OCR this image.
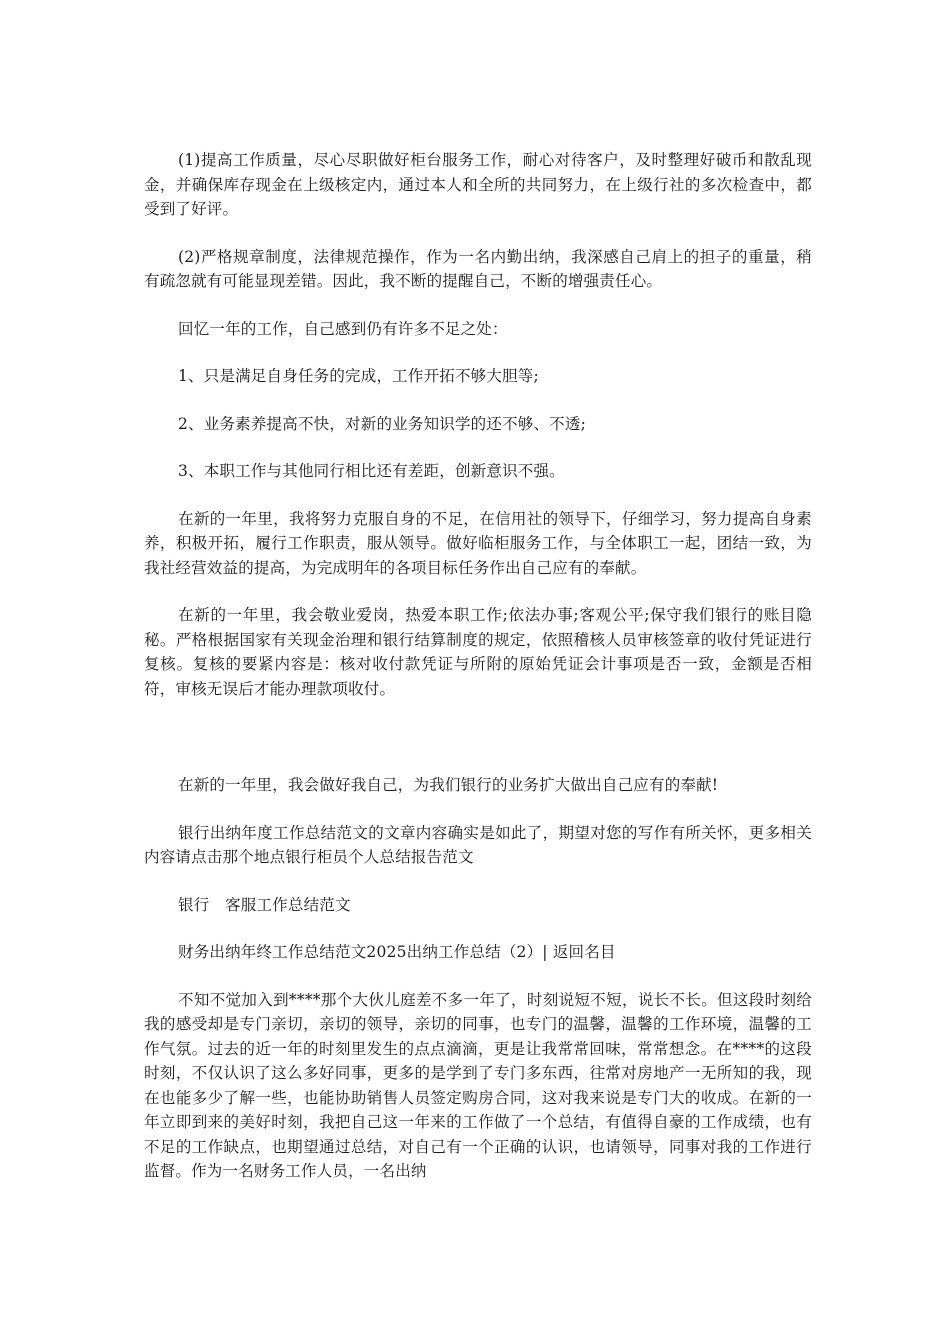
(1)提高工作质量，尽心尽职做好柜台服务工作，耐心对待客户，及时整理好破币和散乱现金，并确保库存现金在上级核定内，通过本人和全所的共同努力，在上级行社的多次检查中，都受到了好评。

(2)严格规章制度，法律规范操作，作为一名内勤出纳，我深感自己肩上的担子的重量，稍有疏忽就有可能显现差错。因此，我不断的提醒自己，不断的增强责任心。

回忆一年的工作，自己感到仍有许多不足之处：

1、只是满足自身任务的完成，工作开拓不够大胆等;

2、业务素养提高不快，对新的业务知识学的还不够、不透;

3、本职工作与其他同行相比还有差距，创新意识不强。

在新的一年里，我将努力克服自身的不足，在信用社的领导下，仔细学习，努力提高自身素养，积极开拓，履行工作职责，服从领导。做好临柜服务工作，与全体职工一起，团结一致，为我社经营效益的提高，为完成明年的各项目标任务作出自己应有的奉献。

在新的一年里，我会敬业爱岗，热爱本职工作;依法办事;客观公平;保守我们银行的账目隐秘。严格根据国家有关现金治理和银行结算制度的规定，依照稽核人员审核签章的收付凭证进行复核。复核的要紧内容是：核对收付款凭证与所附的原始凭证会计事项是否一致，金额是否相符，审核无误后才能办理款项收付。

在新的一年里，我会做好我自己，为我们银行的业务扩大做出自己应有的奉献!

银行出纳年度工作总结范文的文章内容确实是如此了，期望对您的写作有所关怀，更多相关内容请点击那个地点银行柜员个人总结报告范文

银行　客服工作总结范文

财务出纳年终工作总结范文2025出纳工作总结（2）| 返回名目

不知不觉加入到****那个大伙儿庭差不多一年了，时刻说短不短，说长不长。但这段时刻给我的感受却是专门亲切，亲切的领导，亲切的同事，也专门的温馨，温馨的工作环境，温馨的工作气氛。过去的近一年的时刻里发生的点点滴滴，更是让我常常回味，常常想念。在****的这段时刻，不仅认识了这么多好同事，更多的是学到了专门多东西，往常对房地产一无所知的我，现在也能多少了解一些，也能协助销售人员签定购房合同，这对我来说是专门大的收成。在新的一年立即到来的美好时刻，我把自己这一年来的工作做了一个总结，有值得自豪的工作成绩，也有不足的工作缺点，也期望通过总结，对自己有一个正确的认识，也请领导，同事对我的工作进行监督。作为一名财务工作人员，一名出纳
